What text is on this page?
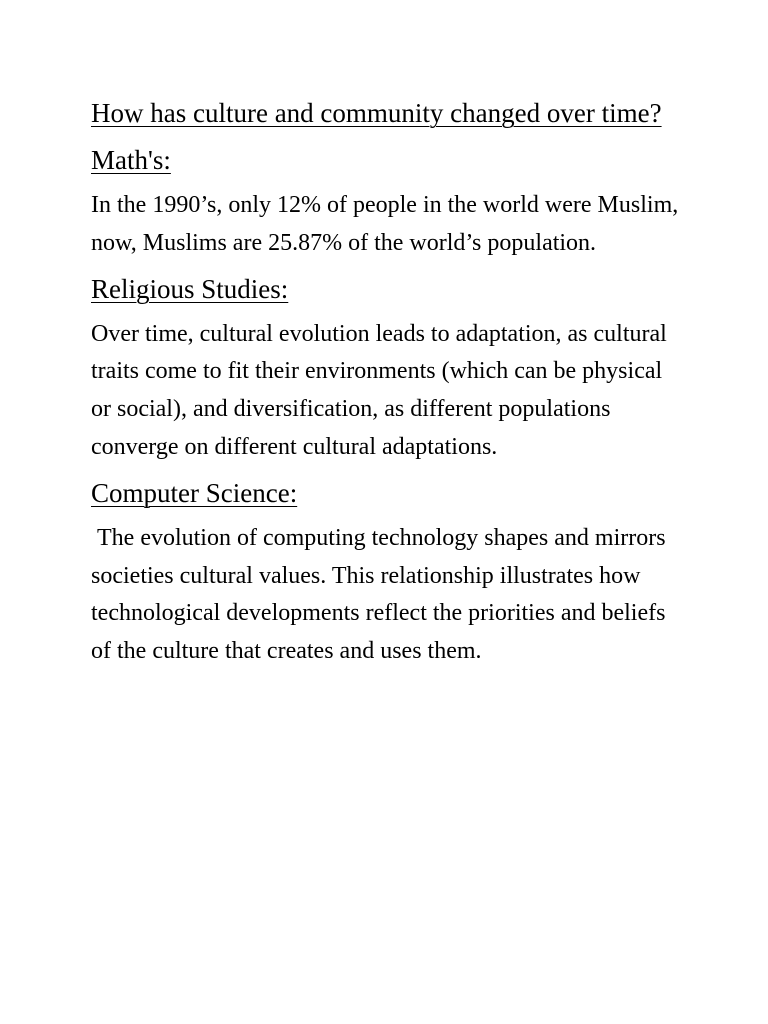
How has culture and community changed over time?
Math's:

In the 1990’s, only 12% of people in the world were Muslim, now, Muslims are 25.87% of the world’s population.

Religious Studies:

Over time, cultural evolution leads to adaptation, as cultural traits come to fit their environments (which can be physical or social), and diversification, as different populations converge on different cultural adaptations.

Computer Science:

The evolution of computing technology shapes and mirrors societies cultural values. This relationship illustrates how technological developments reflect the priorities and beliefs of the culture that creates and uses them.
